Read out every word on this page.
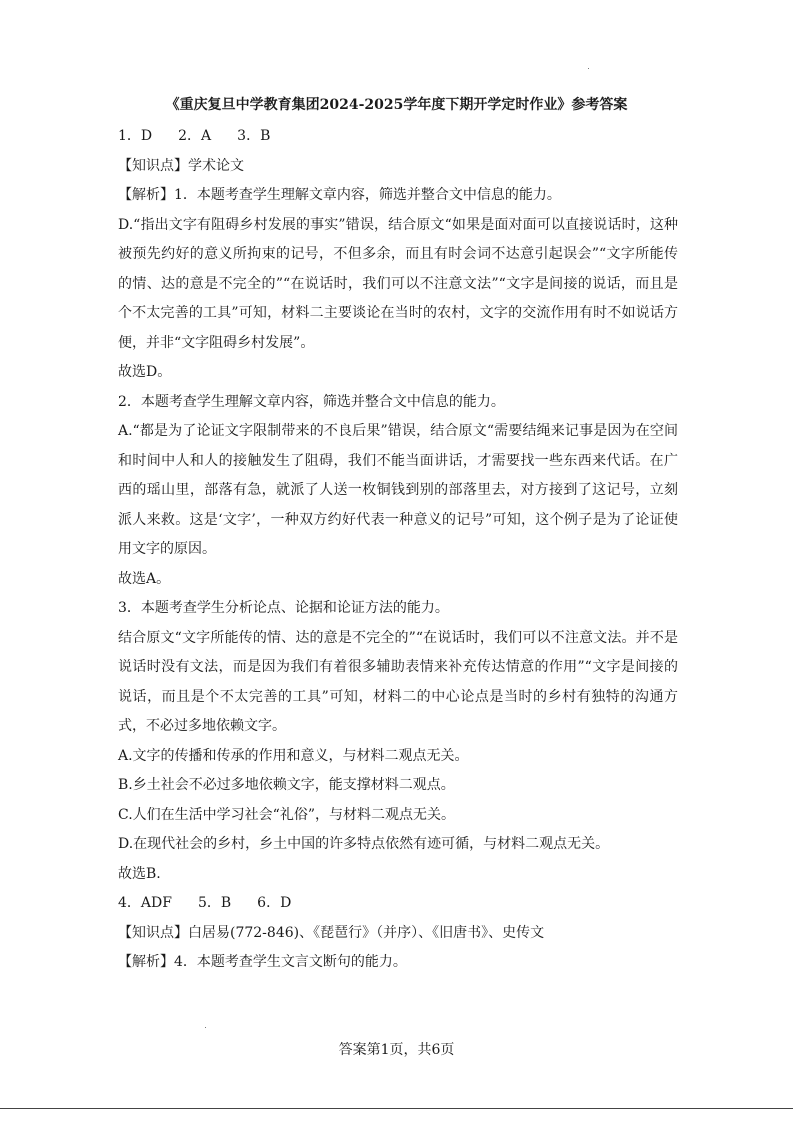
《重庆复旦中学教育集团2024-2025学年度下期开学定时作业》参考答案
1．D 2．A 3．B
【知识点】学术论文
【解析】1．本题考查学生理解文章内容，筛选并整合文中信息的能力。
D.“指出文字有阻碍乡村发展的事实”错误，结合原文“如果是面对面可以直接说话时，这种
被预先约好的意义所拘束的记号，不但多余，而且有时会词不达意引起误会”“文字所能传
的情、达的意是不完全的”“在说话时，我们可以不注意文法”“文字是间接的说话，而且是
个不太完善的工具”可知，材料二主要谈论在当时的农村，文字的交流作用有时不如说话方
便，并非“文字阻碍乡村发展”。
故选D。
2．本题考查学生理解文章内容，筛选并整合文中信息的能力。
A.“都是为了论证文字限制带来的不良后果”错误，结合原文“需要结绳来记事是因为在空间
和时间中人和人的接触发生了阻碍，我们不能当面讲话，才需要找一些东西来代话。在广
西的瑶山里，部落有急，就派了人送一枚铜钱到别的部落里去，对方接到了这记号，立刻
派人来救。这是‘文字’，一种双方约好代表一种意义的记号”可知，这个例子是为了论证使
用文字的原因。
故选A。
3．本题考查学生分析论点、论据和论证方法的能力。
结合原文“文字所能传的情、达的意是不完全的”“在说话时，我们可以不注意文法。并不是
说话时没有文法，而是因为我们有着很多辅助表情来补充传达情意的作用”“文字是间接的
说话，而且是个不太完善的工具”可知，材料二的中心论点是当时的乡村有独特的沟通方
式，不必过多地依赖文字。
A.文字的传播和传承的作用和意义，与材料二观点无关。
B.乡土社会不必过多地依赖文字，能支撑材料二观点。
C.人们在生活中学习社会“礼俗”，与材料二观点无关。
D.在现代社会的乡村，乡土中国的许多特点依然有迹可循，与材料二观点无关。
故选B.
4．ADF 5．B 6．D
【知识点】白居易(772-846)、《琵琶行》（并序）、《旧唐书》、史传文
【解析】4．本题考查学生文言文断句的能力。
答案第1页，共6页
